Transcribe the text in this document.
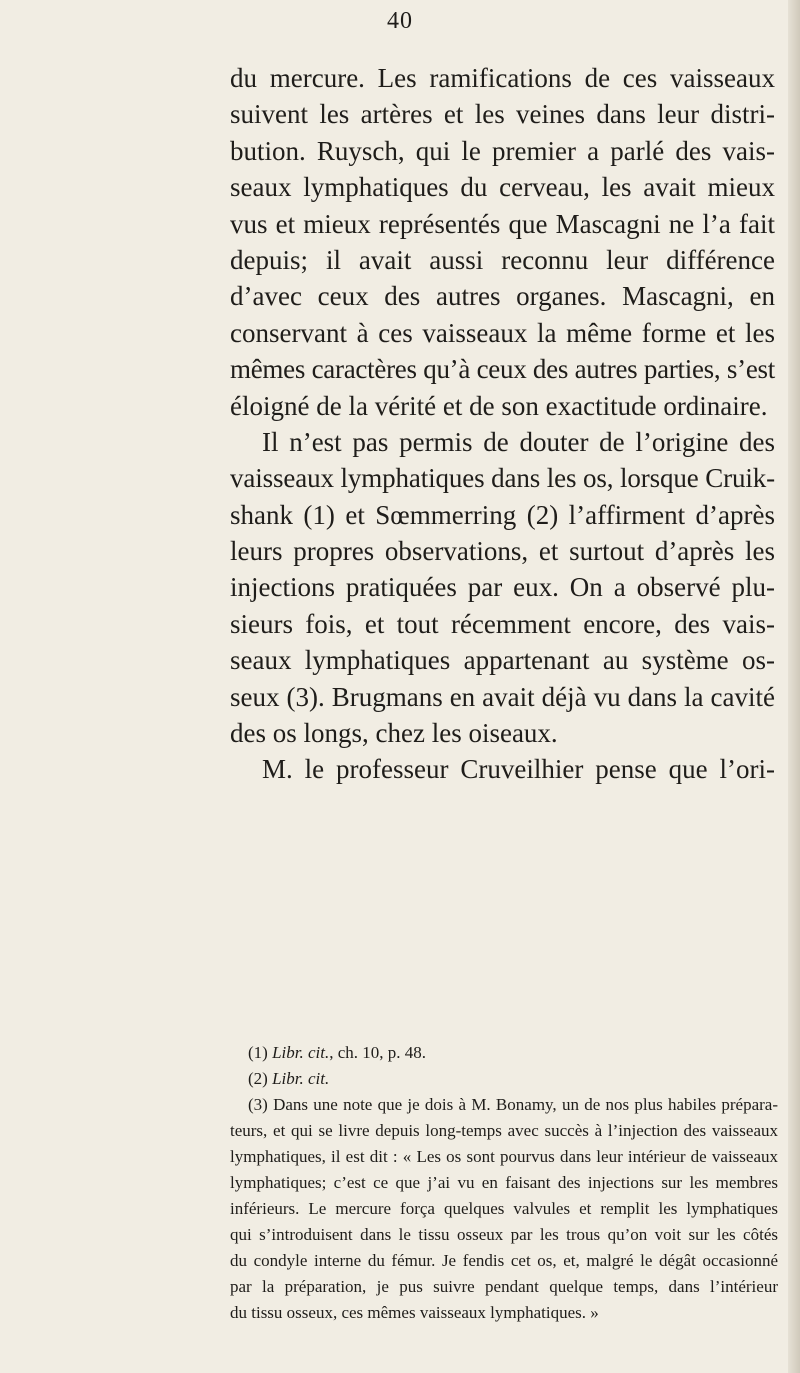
40
du mercure. Les ramifications de ces vaisseaux
suivent les artères et les veines dans leur distri-
bution. Ruysch, qui le premier a parlé des vais-
seaux lymphatiques du cerveau, les avait mieux
vus et mieux représentés que Mascagni ne l’a fait
depuis; il avait aussi reconnu leur différence
d’avec ceux des autres organes. Mascagni, en
conservant à ces vaisseaux la même forme et les
mêmes caractères qu’à ceux des autres parties, s’est
éloigné de la vérité et de son exactitude ordinaire.
Il n’est pas permis de douter de l’origine des
vaisseaux lymphatiques dans les os, lorsque Cruik-
shank (1) et Sœmmerring (2) l’affirment d’après
leurs propres observations, et surtout d’après les
injections pratiquées par eux. On a observé plu-
sieurs fois, et tout récemment encore, des vais-
seaux lymphatiques appartenant au système os-
seux (3). Brugmans en avait déjà vu dans la cavité
des os longs, chez les oiseaux.
M. le professeur Cruveilhier pense que l’ori-
(1) Libr. cit., ch. 10, p. 48.
(2) Libr. cit.
(3) Dans une note que je dois à M. Bonamy, un de nos plus habiles prépara-
teurs, et qui se livre depuis long-temps avec succès à l’injection des vaisseaux
lymphatiques, il est dit : « Les os sont pourvus dans leur intérieur de vaisseaux
lymphatiques; c’est ce que j’ai vu en faisant des injections sur les membres
inférieurs. Le mercure força quelques valvules et remplit les lymphatiques
qui s’introduisent dans le tissu osseux par les trous qu’on voit sur les côtés
du condyle interne du fémur. Je fendis cet os, et, malgré le dégât occasionné
par la préparation, je pus suivre pendant quelque temps, dans l’intérieur
du tissu osseux, ces mêmes vaisseaux lymphatiques. »
